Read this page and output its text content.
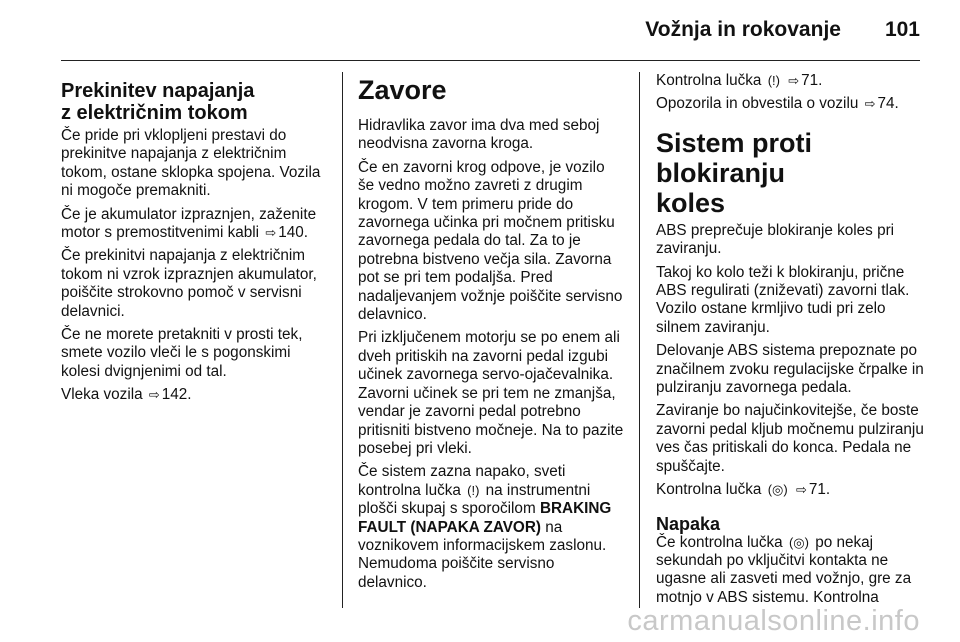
Vožnja in rokovanje 101
Prekinitev napajanja
z električnim tokom

Če pride pri vklopljeni prestavi do prekinitve napajanja z električnim tokom, ostane sklopka spojena. Vozila ni mogoče premakniti.

Če je akumulator izpraznjen, zaženite motor s premostitvenimi kabli ⇨ 140.

Če prekinitvi napajanja z električnim tokom ni vzrok izpraznjen akumulator, poiščite strokovno pomoč v servisni delavnici.

Če ne morete pretakniti v prosti tek, smete vozilo vleči le s pogonskimi kolesi dvignjenimi od tal.

Vleka vozila ⇨ 142.

Zavore

Hidravlika zavor ima dva med seboj neodvisna zavorna kroga.

Če en zavorni krog odpove, je vozilo še vedno možno zavreti z drugim krogom. V tem primeru pride do zavornega učinka pri močnem pritisku zavornega pedala do tal. Za to je potrebna bistveno večja sila. Zavorna pot se pri tem podaljša. Pred nadaljevanjem vožnje poiščite servisno delavnico.

Pri izključenem motorju se po enem ali dveh pritiskih na zavorni pedal izgubi učinek zavornega servo-ojačevalnika. Zavorni učinek se pri tem ne zmanjša, vendar je zavorni pedal potrebno pritisniti bistveno močneje. Na to pazite posebej pri vleki.

Če sistem zazna napako, sveti kontrolna lučka (!) na instrumentni plošči skupaj s sporočilom BRAKING FAULT (NAPAKA ZAVOR) na voznikovem informacijskem zaslonu. Nemudoma poiščite servisno delavnico.

Kontrolna lučka (!) ⇨ 71.

Opozorila in obvestila o vozilu ⇨ 74.

Sistem proti blokiranju
koles

ABS preprečuje blokiranje koles pri zaviranju.

Takoj ko kolo teži k blokiranju, prične ABS regulirati (zniževati) zavorni tlak. Vozilo ostane krmljivo tudi pri zelo silnem zaviranju.

Delovanje ABS sistema prepoznate po značilnem zvoku regulacijske črpalke in pulziranju zavornega pedala.

Zaviranje bo najučinkovitejše, če boste zavorni pedal kljub močnemu pulziranju ves čas pritiskali do konca. Pedala ne spuščajte.

Kontrolna lučka (◎) ⇨ 71.

Napaka

Če kontrolna lučka (◎) po nekaj sekundah po vključitvi kontakta ne ugasne ali zasveti med vožnjo, gre za motnjo v ABS sistemu. Kontrolna

carmanualsonline.info
